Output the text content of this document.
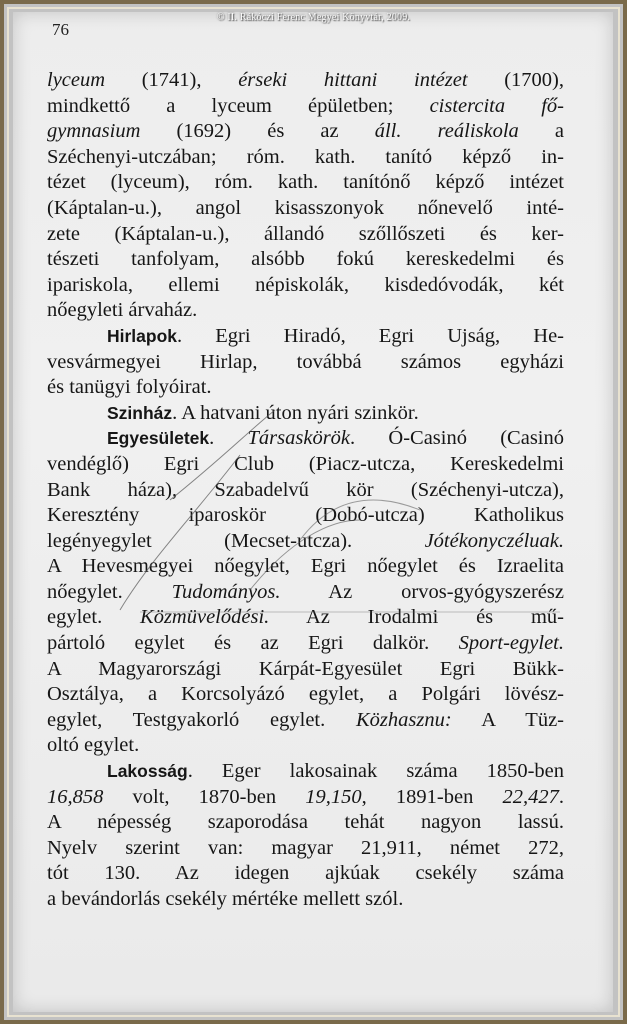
© II. Rákóczi Ferenc Megyei Könyvtár, 2009.
76
lyceum (1741), érseki hittani intézet (1700),
mindkettő a lyceum épületben; cistercita fő-
gymnasium (1692) és az áll. reáliskola a
Széchenyi-utczában; róm. kath. tanító képző in-
tézet (lyceum), róm. kath. tanítónő képző intézet
(Káptalan-u.), angol kisasszonyok nőnevelő inté-
zete (Káptalan-u.), állandó szőllőszeti és ker-
tészeti tanfolyam, alsóbb fokú kereskedelmi és
ipariskola, ellemi népiskolák, kisdedóvodák, két
nőegyleti árvaház.
Hirlapok. Egri Hiradó, Egri Ujság, He-
vesvármegyei Hirlap, továbbá számos egyházi
és tanügyi folyóirat.
Szinház. A hatvani úton nyári szinkör.
Egyesületek. Társaskörök. Ó-Casinó (Casinó
vendéglő) Egri Club (Piacz-utcza, Kereskedelmi
Bank háza), Szabadelvű kör (Széchenyi-utcza),
Keresztény iparoskör (Dobó-utcza) Katholikus
legényegylet (Mecset-utcza). Jótékonyczéluak.
A Hevesmegyei nőegylet, Egri nőegylet és Izraelita
nőegylet. Tudományos. Az orvos-gyógyszerész
egylet. Közmüvelődési. Az Irodalmi és mű-
pártoló egylet és az Egri dalkör. Sport-egylet.
A Magyarországi Kárpát-Egyesület Egri Bükk-
Osztálya, a Korcsolyázó egylet, a Polgári lövész-
egylet, Testgyakorló egylet. Közhasznu: A Tüz-
oltó egylet.
Lakosság. Eger lakosainak száma 1850-ben
16,858 volt, 1870-ben 19,150, 1891-ben 22,427.
A népesség szaporodása tehát nagyon lassú.
Nyelv szerint van: magyar 21,911, német 272,
tót 130. Az idegen ajkúak csekély száma
a bevándorlás csekély mértéke mellett szól.
